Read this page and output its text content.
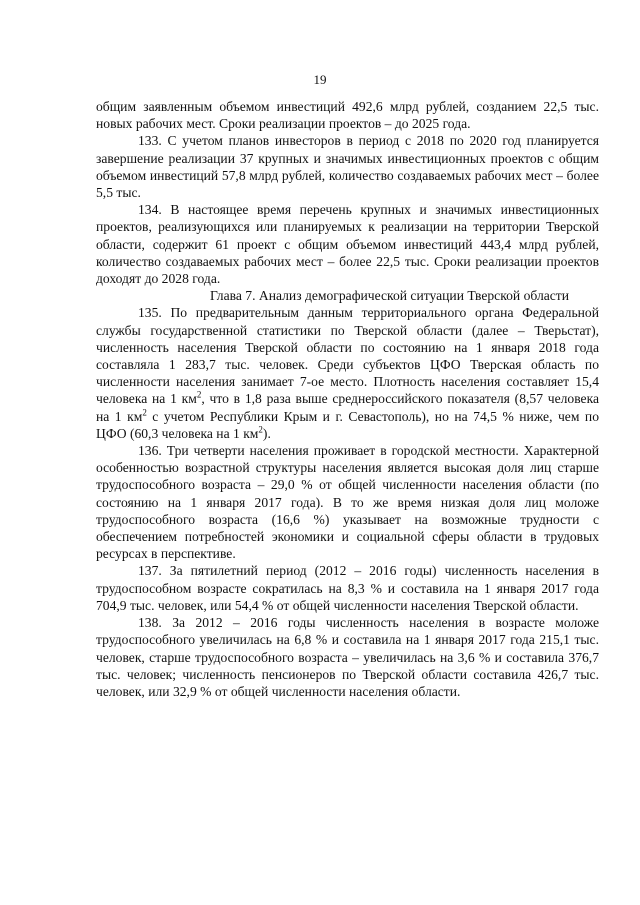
19

общим заявленным объемом инвестиций 492,6 млрд рублей, созданием 22,5 тыс. новых рабочих мест. Сроки реализации проектов – до 2025 года.

133. С учетом планов инвесторов в период с 2018 по 2020 год планируется завершение реализации 37 крупных и значимых инвестиционных проектов с общим объемом инвестиций 57,8 млрд рублей, количество создаваемых рабочих мест – более 5,5 тыс.

134. В настоящее время перечень крупных и значимых инвестиционных проектов, реализующихся или планируемых к реализации на территории Тверской области, содержит 61 проект с общим объемом инвестиций 443,4 млрд рублей, количество создаваемых рабочих мест – более 22,5 тыс. Сроки реализации проектов доходят до 2028 года.

Глава 7. Анализ демографической ситуации Тверской области

135. По предварительным данным территориального органа Федеральной службы государственной статистики по Тверской области (далее – Тверьстат), численность населения Тверской области по состоянию на 1 января 2018 года составляла 1 283,7 тыс. человек. Среди субъектов ЦФО Тверская область по численности населения занимает 7-ое место. Плотность населения составляет 15,4 человека на 1 $км^2$, что в 1,8 раза выше среднероссийского показателя (8,57 человека на 1 $км^2$ с учетом Республики Крым и г. Севастополь), но на 74,5 % ниже, чем по ЦФО (60,3 человека на 1 $км^2$).

136. Три четверти населения проживает в городской местности. Характерной особенностью возрастной структуры населения является высокая доля лиц старше трудоспособного возраста – 29,0 % от общей численности населения области (по состоянию на 1 января 2017 года). В то же время низкая доля лиц моложе трудоспособного возраста (16,6 %) указывает на возможные трудности с обеспечением потребностей экономики и социальной сферы области в трудовых ресурсах в перспективе.

137. За пятилетний период (2012 – 2016 годы) численность населения в трудоспособном возрасте сократилась на 8,3 % и составила на 1 января 2017 года 704,9 тыс. человек, или 54,4 % от общей численности населения Тверской области.

138. За 2012 – 2016 годы численность населения в возрасте моложе трудоспособного увеличилась на 6,8 % и составила на 1 января 2017 года 215,1 тыс. человек, старше трудоспособного возраста – увеличилась на 3,6 % и составила 376,7 тыс. человек; численность пенсионеров по Тверской области составила 426,7 тыс. человек, или 32,9 % от общей численности населения области.
